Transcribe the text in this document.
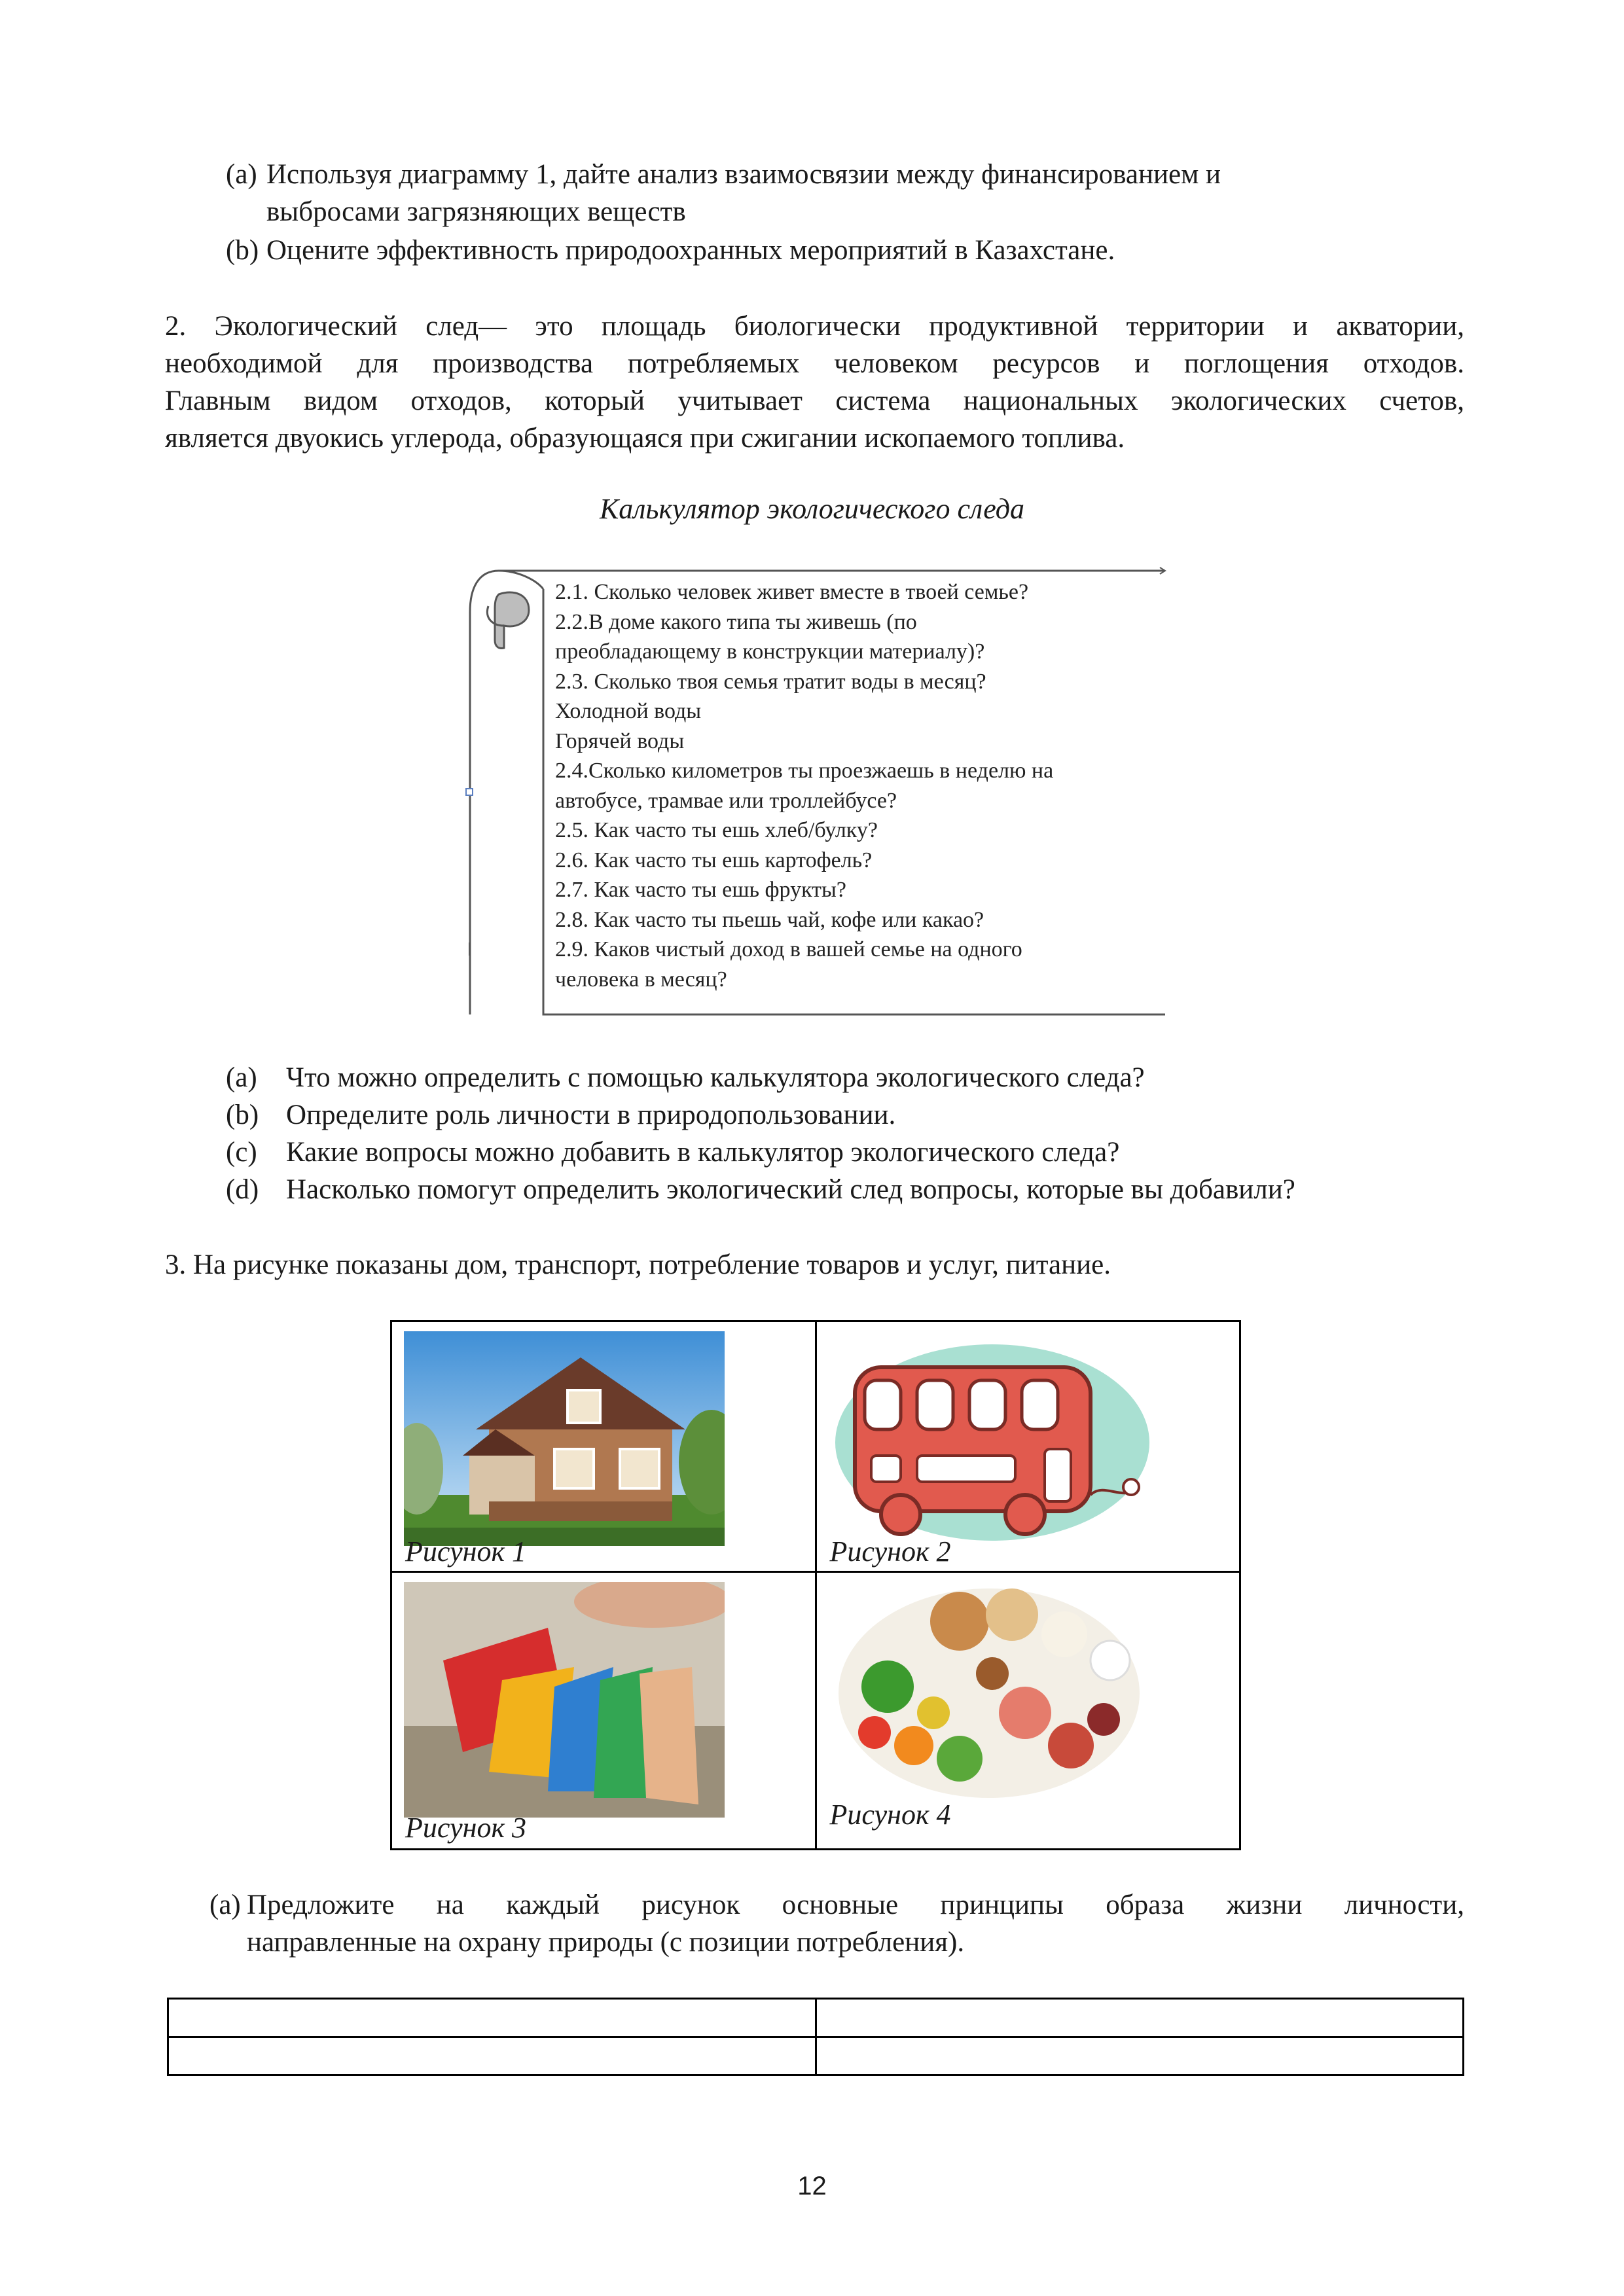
(a) Используя диаграмму 1, дайте анализ взаимосвязии между финансированием и
выбросами загрязняющих веществ
(b) Оцените эффективность природоохранных мероприятий в Казахстане.
2. Экологический след— это площадь биологически продуктивной территории и акватории,
необходимой для производства потребляемых человеком ресурсов и поглощения отходов.
Главным видом отходов, который учитывает система национальных экологических счетов,
является двуокись углерода, образующаяся при сжигании ископаемого топлива.
Калькулятор экологического следа
2.1. Сколько человек живет вместе в твоей семье?
2.2.В доме какого типа ты живешь (по
преобладающему в конструкции материалу)?
2.3. Сколько твоя семья тратит воды в месяц?
Холодной воды
Горячей воды
2.4.Сколько километров ты проезжаешь в неделю на
автобусе, трамвае или троллейбусе?
2.5. Как часто ты ешь хлеб/булку?
2.6. Как часто ты ешь картофель?
2.7. Как часто ты ешь фрукты?
2.8. Как часто ты пьешь чай, кофе или какао?
2.9. Каков чистый доход в вашей семье на одного
человека в месяц?
(a) Что можно определить с помощью калькулятора экологического следа?
(b) Определите роль личности в природопользовании.
(c) Какие вопросы можно добавить в калькулятор экологического следа?
(d) Насколько помогут определить экологический след вопросы, которые вы добавили?
3. На рисунке показаны дом, транспорт, потребление товаров и услуг, питание.
Рисунок 1	Рисунок 2

Рисунок 3	Рисунок 4
(a) Предложите на каждый рисунок основные принципы образа жизни личности,
направленные на охрану природы (с позиции потребления).

12
